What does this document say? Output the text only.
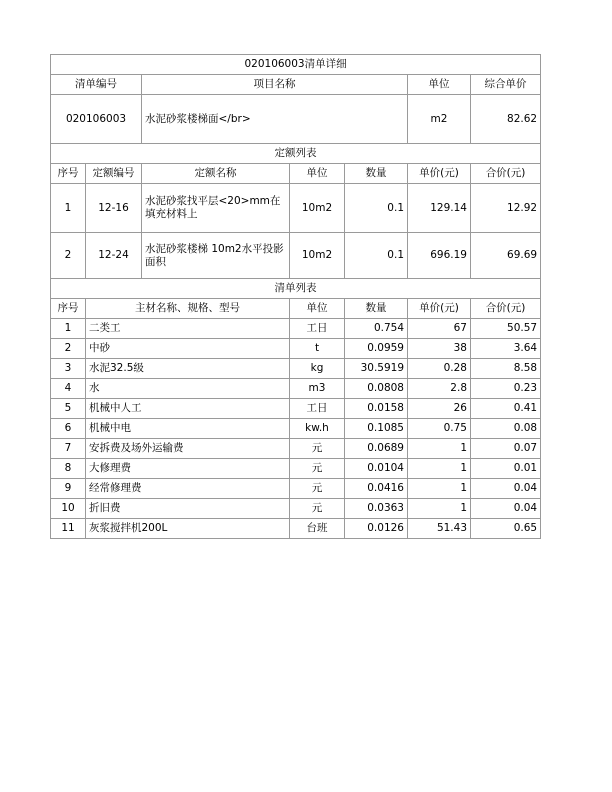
020106003清单详细						
清单编号		项目名称			单位	综合单价
020106003		水泥砂浆楼梯面</br>			m2	82.62
定额列表						
序号	定额编号	定额名称	单位	数量	单价(元)	合价(元)
1	12-16	水泥砂浆找平层<20>mm在填充材料上	10m2	0.1	129.14	12.92
2	12-24	水泥砂浆楼梯 10m2水平投影面积	10m2	0.1	696.19	69.69
清单列表						
序号	主材名称、规格、型号		单位	数量	单价(元)	合价(元)
1	二类工		工日	0.754	67	50.57
2	中砂		t	0.0959	38	3.64
3	水泥32.5级		kg	30.5919	0.28	8.58
4	水		m3	0.0808	2.8	0.23
5	机械中人工		工日	0.0158	26	0.41
6	机械中电		kw.h	0.1085	0.75	0.08
7	安拆费及场外运输费		元	0.0689	1	0.07
8	大修理费		元	0.0104	1	0.01
9	经常修理费		元	0.0416	1	0.04
10	折旧费		元	0.0363	1	0.04
11	灰浆搅拌机200L		台班	0.0126	51.43	0.65
